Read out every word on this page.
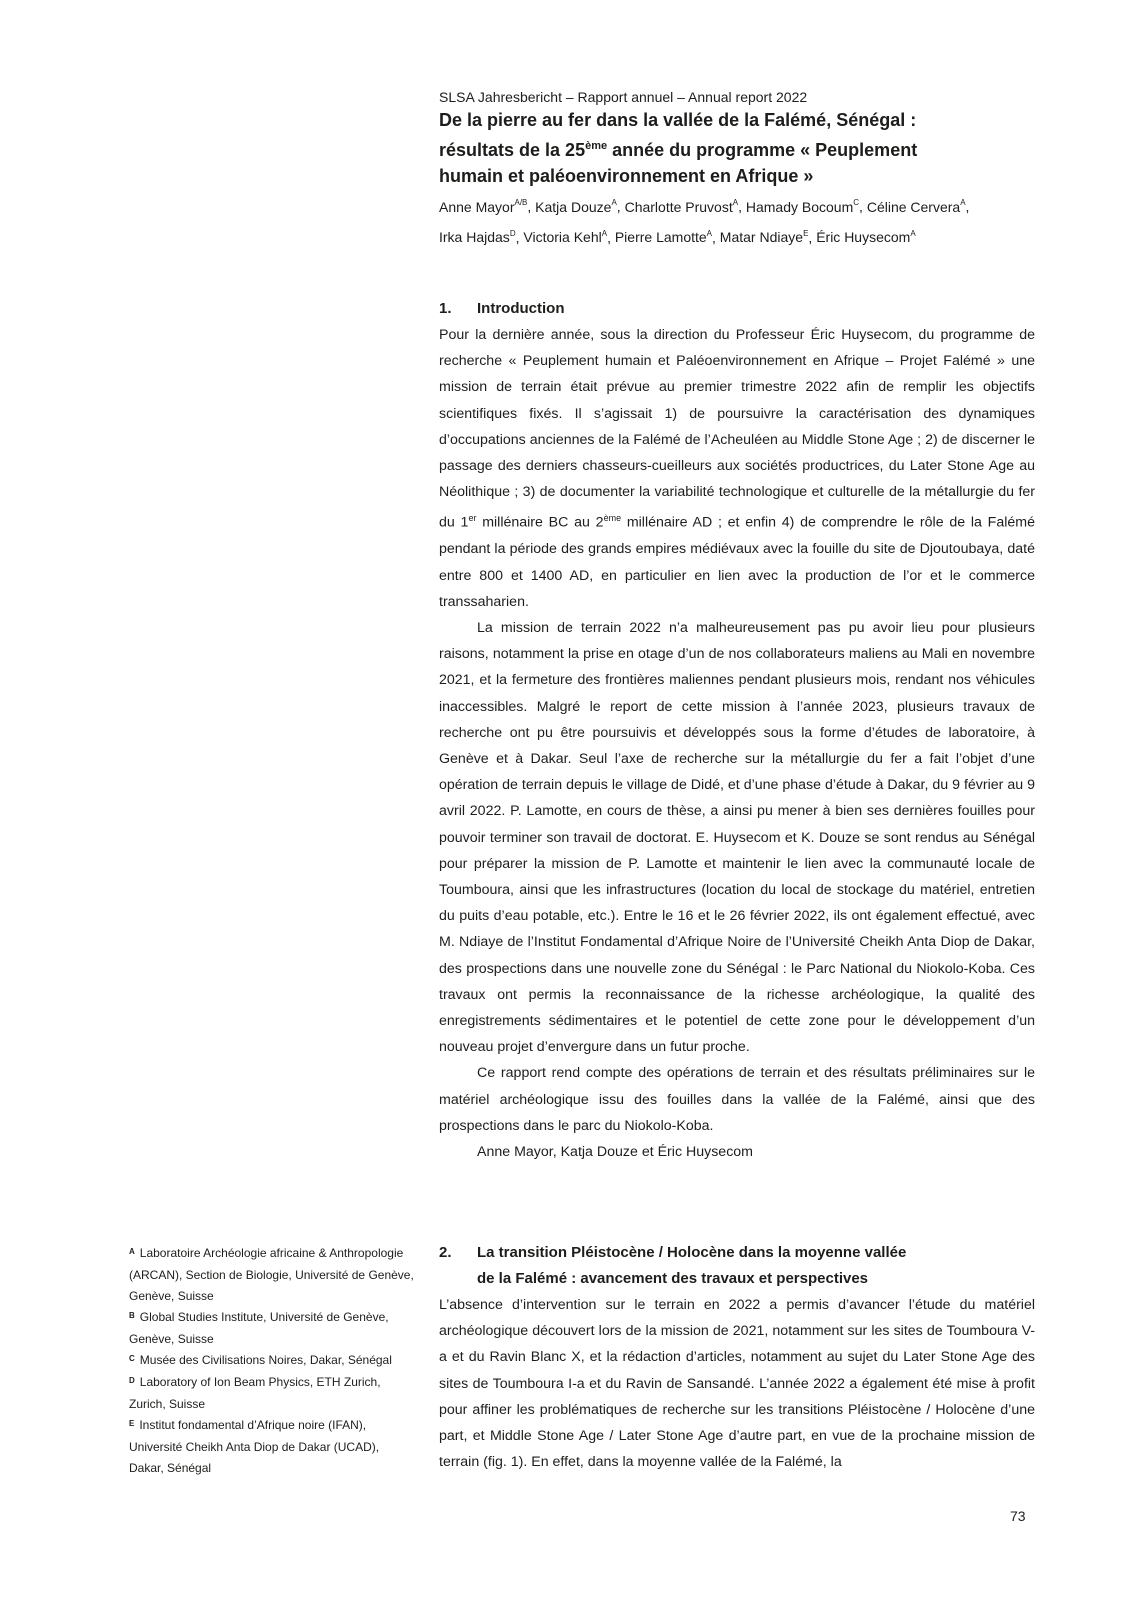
SLSA Jahresbericht – Rapport annuel – Annual report 2022

De la pierre au fer dans la vallée de la Falémé, Sénégal :
résultats de la 25ème année du programme « Peuplement
humain et paléoenvironnement en Afrique »

Anne Mayor$^{A/B}$, Katja Douze$^A$, Charlotte Pruvost$^A$, Hamady Bocoum$^C$, Céline Cervera$^A$,
Irka Hajdas$^D$, Victoria Kehl$^A$, Pierre Lamotte$^A$, Matar Ndiaye$^E$, Éric Huysecom$^A$

1.	Introduction

Pour la dernière année, sous la direction du Professeur Éric Huysecom, du programme de recherche « Peuplement humain et Paléoenvironnement en Afrique – Projet Falémé » une mission de terrain était prévue au premier trimestre 2022 afin de remplir les objectifs scientifiques fixés. Il s’agissait 1) de poursuivre la caractérisation des dynamiques d’occupations anciennes de la Falémé de l’Acheuléen au Middle Stone Age ; 2) de discerner le passage des derniers chasseurs-cueilleurs aux sociétés productrices, du Later Stone Age au Néolithique ; 3) de documenter la variabilité technologique et culturelle de la métallurgie du fer du 1er millénaire BC au 2ème millénaire AD ; et enfin 4) de comprendre le rôle de la Falémé pendant la période des grands empires médiévaux avec la fouille du site de Djoutoubaya, daté entre 800 et 1400 AD, en particulier en lien avec la production de l’or et le commerce transsaharien.

La mission de terrain 2022 n’a malheureusement pas pu avoir lieu pour plusieurs raisons, notamment la prise en otage d’un de nos collaborateurs maliens au Mali en novembre 2021, et la fermeture des frontières maliennes pendant plusieurs mois, rendant nos véhicules inaccessibles. Malgré le report de cette mission à l’année 2023, plusieurs travaux de recherche ont pu être poursuivis et développés sous la forme d’études de laboratoire, à Genève et à Dakar. Seul l’axe de recherche sur la métallurgie du fer a fait l’objet d’une opération de terrain depuis le village de Didé, et d’une phase d’étude à Dakar, du 9 février au 9 avril 2022. P. Lamotte, en cours de thèse, a ainsi pu mener à bien ses dernières fouilles pour pouvoir terminer son travail de doctorat. E. Huysecom et K. Douze se sont rendus au Sénégal pour préparer la mission de P. Lamotte et maintenir le lien avec la communauté locale de Toumboura, ainsi que les infrastructures (location du local de stockage du matériel, entretien du puits d’eau potable, etc.). Entre le 16 et le 26 février 2022, ils ont également effectué, avec M. Ndiaye de l’Institut Fondamental d’Afrique Noire de l’Université Cheikh Anta Diop de Dakar, des prospections dans une nouvelle zone du Sénégal : le Parc National du Niokolo-Koba. Ces travaux ont permis la reconnaissance de la richesse archéologique, la qualité des enregistrements sédimentaires et le potentiel de cette zone pour le développement d’un nouveau projet d’envergure dans un futur proche.

Ce rapport rend compte des opérations de terrain et des résultats préliminaires sur le matériel archéologique issu des fouilles dans la vallée de la Falémé, ainsi que des prospections dans le parc du Niokolo-Koba.

Anne Mayor, Katja Douze et Éric Huysecom

2.	La transition Pléistocène / Holocène dans la moyenne vallée
de la Falémé : avancement des travaux et perspectives

L’absence d’intervention sur le terrain en 2022 a permis d’avancer l’étude du matériel archéologique découvert lors de la mission de 2021, notamment sur les sites de Toumboura V-a et du Ravin Blanc X, et la rédaction d’articles, notamment au sujet du Later Stone Age des sites de Toumboura I-a et du Ravin de Sansandé. L’année 2022 a également été mise à profit pour affiner les problématiques de recherche sur les transitions Pléistocène / Holocène d’une part, et Middle Stone Age / Later Stone Age d’autre part, en vue de la prochaine mission de terrain (fig. 1). En effet, dans la moyenne vallée de la Falémé, la

$^A$ Laboratoire Archéologie africaine & Anthropologie (ARCAN), Section de Biologie, Université de Genève, Genève, Suisse
$^B$ Global Studies Institute, Université de Genève, Genève, Suisse
$^C$ Musée des Civilisations Noires, Dakar, Sénégal
$^D$ Laboratory of Ion Beam Physics, ETH Zurich, Zurich, Suisse
$^E$ Institut fondamental d’Afrique noire (IFAN), Université Cheikh Anta Diop de Dakar (UCAD), Dakar, Sénégal
73
